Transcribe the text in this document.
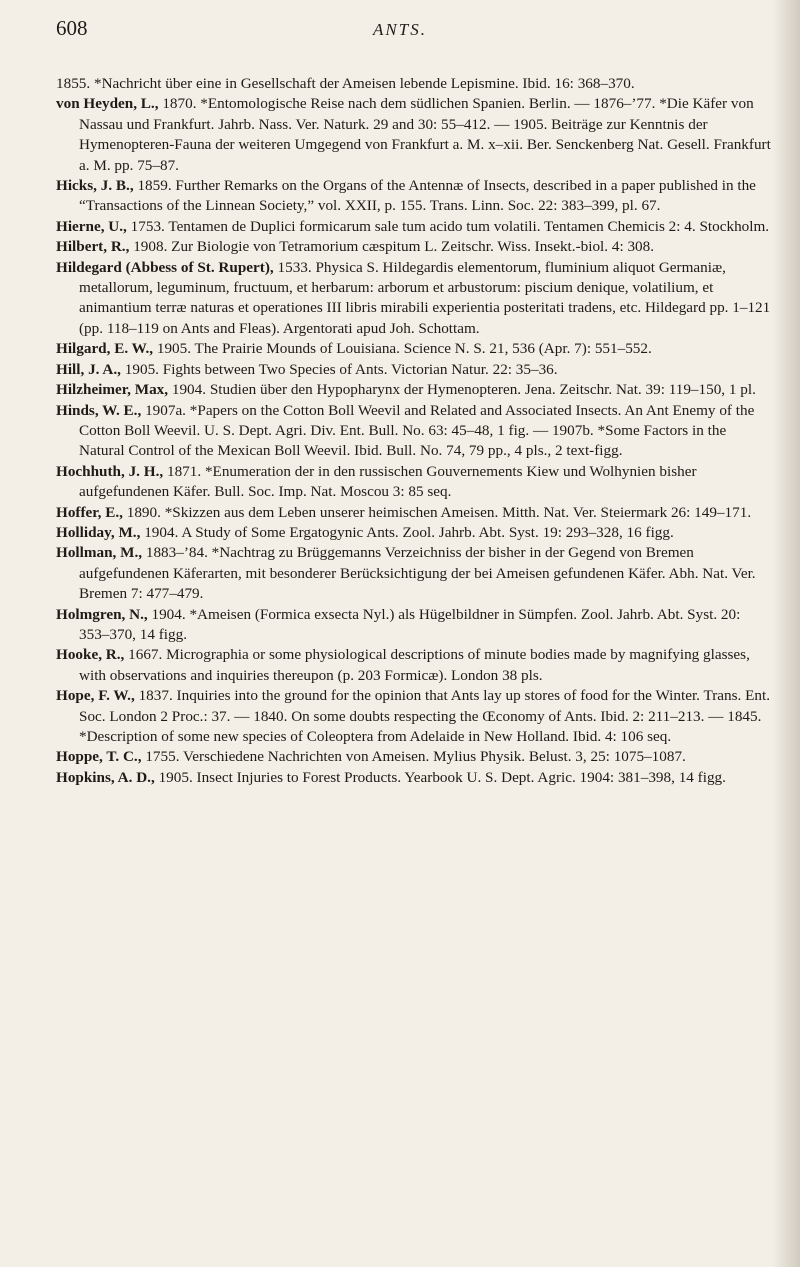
608	ANTS.

1855. *Nachricht über eine in Gesellschaft der Ameisen lebende Lepismine. Ibid. 16: 368–370.

von Heyden, L., 1870. *Entomologische Reise nach dem südlichen Spanien. Berlin. — 1876–’77. *Die Käfer von Nassau und Frankfurt. Jahrb. Nass. Ver. Naturk. 29 and 30: 55–412. — 1905. Beiträge zur Kenntnis der Hymenopteren-Fauna der weiteren Umgegend von Frankfurt a. M. x–xii. Ber. Senckenberg Nat. Gesell. Frankfurt a. M. pp. 75–87.

Hicks, J. B., 1859. Further Remarks on the Organs of the Antennæ of Insects, described in a paper published in the “Transactions of the Linnean Society,” vol. XXII, p. 155. Trans. Linn. Soc. 22: 383–399, pl. 67.

Hierne, U., 1753. Tentamen de Duplici formicarum sale tum acido tum volatili. Tentamen Chemicis 2: 4. Stockholm.

Hilbert, R., 1908. Zur Biologie von Tetramorium cæspitum L. Zeitschr. Wiss. Insekt.-biol. 4: 308.

Hildegard (Abbess of St. Rupert), 1533. Physica S. Hildegardis elementorum, fluminium aliquot Germaniæ, metallorum, leguminum, fructuum, et herbarum: arborum et arbustorum: piscium denique, volatilium, et animantium terræ naturas et operationes III libris mirabili experientia posteritati tradens, etc. Hildegard pp. 1–121 (pp. 118–119 on Ants and Fleas). Argentorati apud Joh. Schottam.

Hilgard, E. W., 1905. The Prairie Mounds of Louisiana. Science N. S. 21, 536 (Apr. 7): 551–552.

Hill, J. A., 1905. Fights between Two Species of Ants. Victorian Natur. 22: 35–36.

Hilzheimer, Max, 1904. Studien über den Hypopharynx der Hymenopteren. Jena. Zeitschr. Nat. 39: 119–150, 1 pl.

Hinds, W. E., 1907a. *Papers on the Cotton Boll Weevil and Related and Associated Insects. An Ant Enemy of the Cotton Boll Weevil. U. S. Dept. Agri. Div. Ent. Bull. No. 63: 45–48, 1 fig. — 1907b. *Some Factors in the Natural Control of the Mexican Boll Weevil. Ibid. Bull. No. 74, 79 pp., 4 pls., 2 text-figg.

Hochhuth, J. H., 1871. *Enumeration der in den russischen Gouvernements Kiew und Wolhynien bisher aufgefundenen Käfer. Bull. Soc. Imp. Nat. Moscou 3: 85 seq.

Hoffer, E., 1890. *Skizzen aus dem Leben unserer heimischen Ameisen. Mitth. Nat. Ver. Steiermark 26: 149–171.

Holliday, M., 1904. A Study of Some Ergatogynic Ants. Zool. Jahrb. Abt. Syst. 19: 293–328, 16 figg.

Hollman, M., 1883–’84. *Nachtrag zu Brüggemanns Verzeichniss der bisher in der Gegend von Bremen aufgefundenen Käferarten, mit besonderer Berücksichtigung der bei Ameisen gefundenen Käfer. Abh. Nat. Ver. Bremen 7: 477–479.

Holmgren, N., 1904. *Ameisen (Formica exsecta Nyl.) als Hügelbildner in Sümpfen. Zool. Jahrb. Abt. Syst. 20: 353–370, 14 figg.

Hooke, R., 1667. Micrographia or some physiological descriptions of minute bodies made by magnifying glasses, with observations and inquiries thereupon (p. 203 Formicæ). London 38 pls.

Hope, F. W., 1837. Inquiries into the ground for the opinion that Ants lay up stores of food for the Winter. Trans. Ent. Soc. London 2 Proc.: 37. — 1840. On some doubts respecting the Œconomy of Ants. Ibid. 2: 211–213. — 1845. *Description of some new species of Coleoptera from Adelaide in New Holland. Ibid. 4: 106 seq.

Hoppe, T. C., 1755. Verschiedene Nachrichten von Ameisen. Mylius Physik. Belust. 3, 25: 1075–1087.

Hopkins, A. D., 1905. Insect Injuries to Forest Products. Yearbook U. S. Dept. Agric. 1904: 381–398, 14 figg.
